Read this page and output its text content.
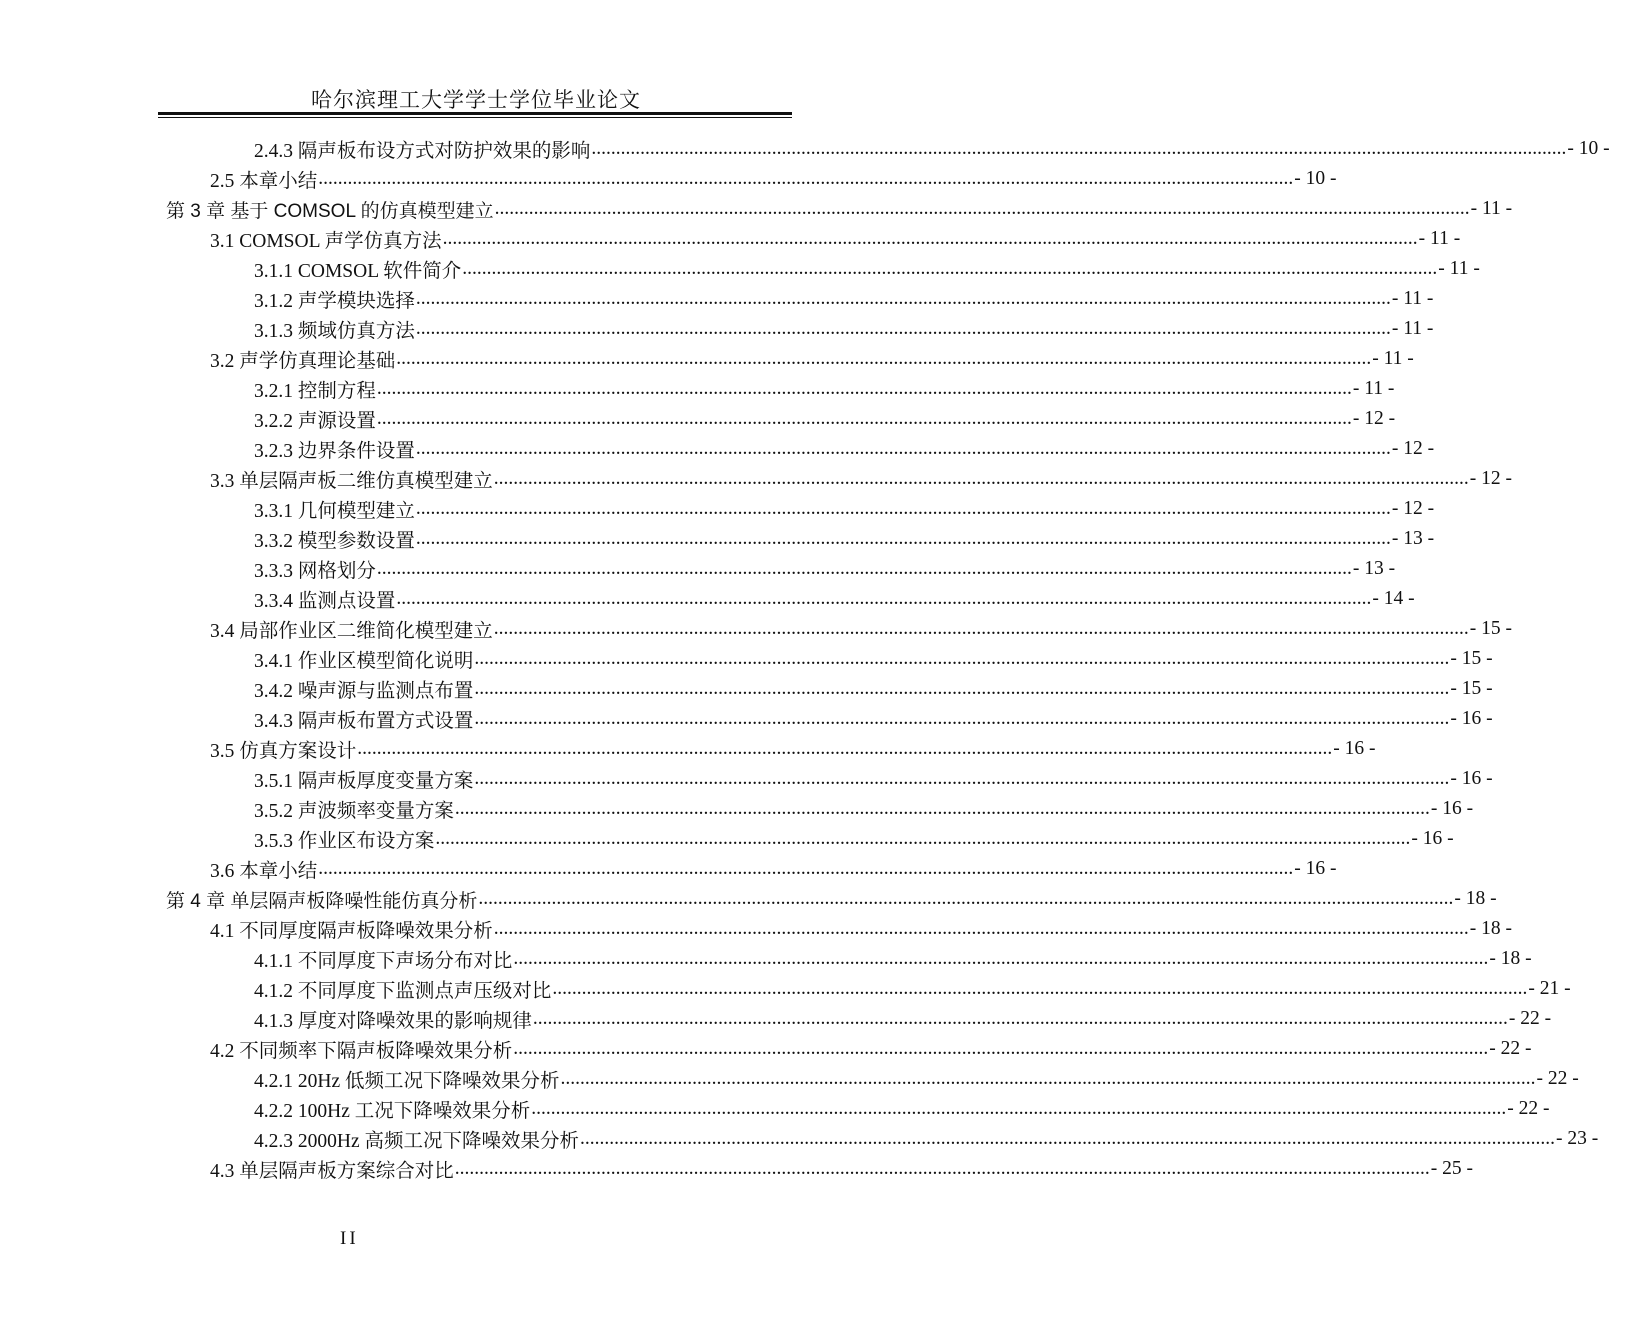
哈尔滨理工大学学士学位毕业论文
2.4.3 隔声板布设方式对防护效果的影响 ........................................................................................................................................................................................................ - 10 -
2.5 本章小结 ........................................................................................................................................................................................................ - 10 -
第 3 章 基于 COMSOL 的仿真模型建立 ........................................................................................................................................................................................................ - 11 -
3.1 COMSOL 声学仿真方法 ........................................................................................................................................................................................................ - 11 -
3.1.1 COMSOL 软件简介 ........................................................................................................................................................................................................ - 11 -
3.1.2 声学模块选择 ........................................................................................................................................................................................................ - 11 -
3.1.3 频域仿真方法 ........................................................................................................................................................................................................ - 11 -
3.2 声学仿真理论基础 ........................................................................................................................................................................................................ - 11 -
3.2.1 控制方程 ........................................................................................................................................................................................................ - 11 -
3.2.2 声源设置 ........................................................................................................................................................................................................ - 12 -
3.2.3 边界条件设置 ........................................................................................................................................................................................................ - 12 -
3.3 单层隔声板二维仿真模型建立 ........................................................................................................................................................................................................ - 12 -
3.3.1 几何模型建立 ........................................................................................................................................................................................................ - 12 -
3.3.2 模型参数设置 ........................................................................................................................................................................................................ - 13 -
3.3.3 网格划分 ........................................................................................................................................................................................................ - 13 -
3.3.4 监测点设置 ........................................................................................................................................................................................................ - 14 -
3.4 局部作业区二维简化模型建立 ........................................................................................................................................................................................................ - 15 -
3.4.1 作业区模型简化说明 ........................................................................................................................................................................................................ - 15 -
3.4.2 噪声源与监测点布置 ........................................................................................................................................................................................................ - 15 -
3.4.3 隔声板布置方式设置 ........................................................................................................................................................................................................ - 16 -
3.5 仿真方案设计 ........................................................................................................................................................................................................ - 16 -
3.5.1 隔声板厚度变量方案 ........................................................................................................................................................................................................ - 16 -
3.5.2 声波频率变量方案 ........................................................................................................................................................................................................ - 16 -
3.5.3 作业区布设方案 ........................................................................................................................................................................................................ - 16 -
3.6 本章小结 ........................................................................................................................................................................................................ - 16 -
第 4 章 单层隔声板降噪性能仿真分析 ........................................................................................................................................................................................................ - 18 -
4.1 不同厚度隔声板降噪效果分析 ........................................................................................................................................................................................................ - 18 -
4.1.1 不同厚度下声场分布对比 ........................................................................................................................................................................................................ - 18 -
4.1.2 不同厚度下监测点声压级对比 ........................................................................................................................................................................................................ - 21 -
4.1.3 厚度对降噪效果的影响规律 ........................................................................................................................................................................................................ - 22 -
4.2 不同频率下隔声板降噪效果分析 ........................................................................................................................................................................................................ - 22 -
4.2.1 20Hz 低频工况下降噪效果分析 ........................................................................................................................................................................................................ - 22 -
4.2.2 100Hz 工况下降噪效果分析 ........................................................................................................................................................................................................ - 22 -
4.2.3 2000Hz 高频工况下降噪效果分析 ........................................................................................................................................................................................................ - 23 -
4.3 单层隔声板方案综合对比 ........................................................................................................................................................................................................ - 25 -
II
